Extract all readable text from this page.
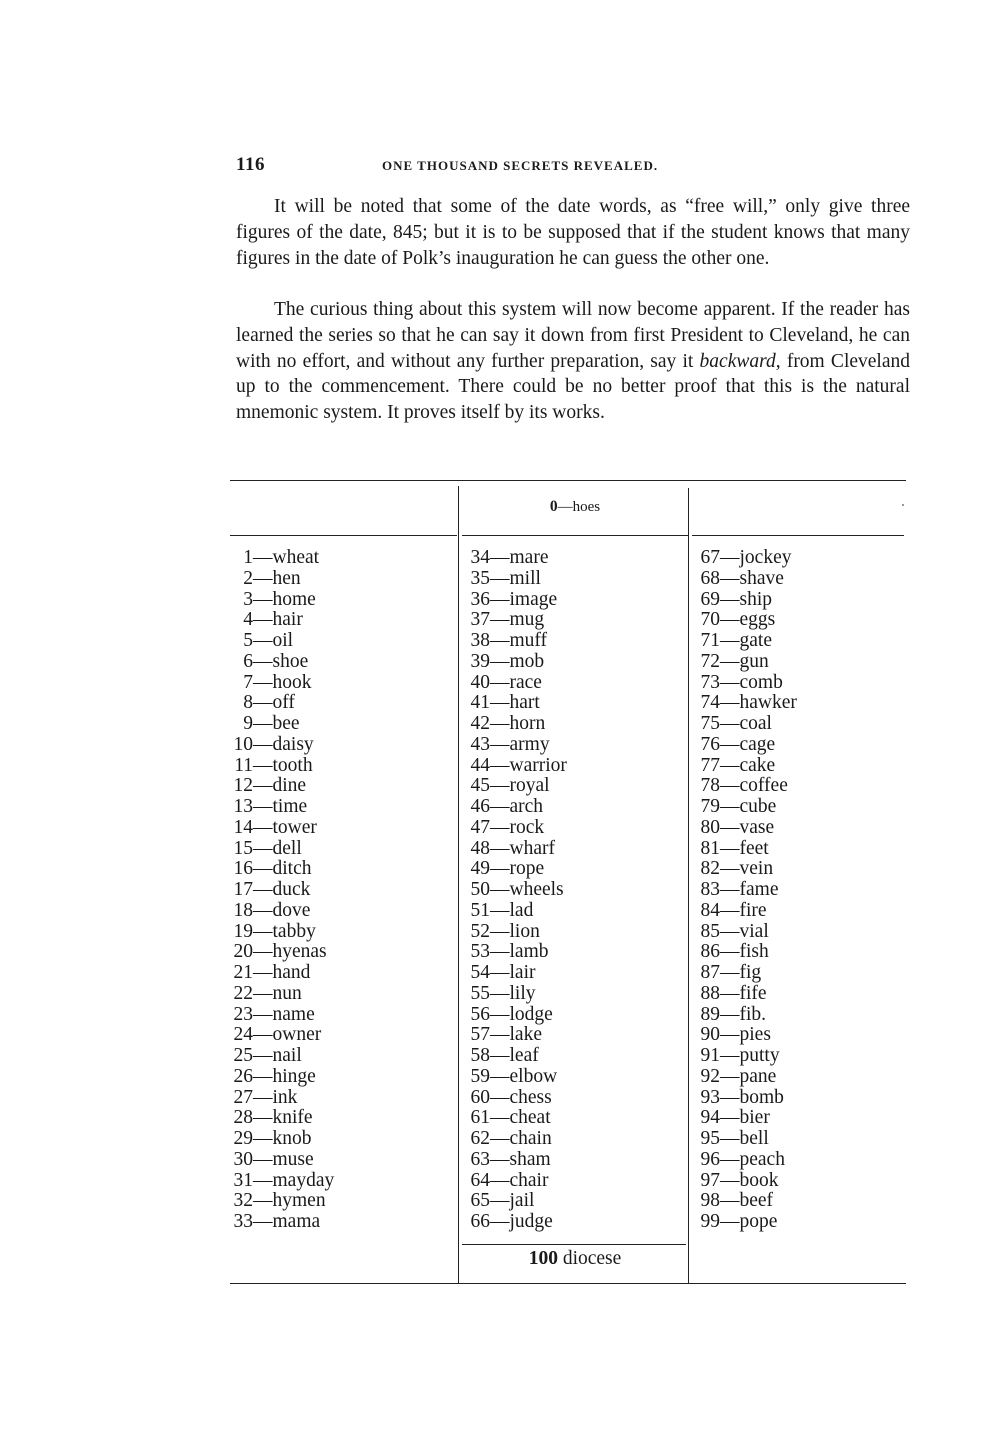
116	ONE THOUSAND SECRETS REVEALED.

It will be noted that some of the date words, as “free will,” only give three figures of the date, 845; but it is to be supposed that if the student knows that many figures in the date of Polk’s inauguration he can guess the other one.

The curious thing about this system will now become apparent. If the reader has learned the series so that he can say it down from first President to Cleveland, he can with no effort, and without any further preparation, say it backward, from Cleveland up to the commencement. There could be no better proof that this is the natural mnemonic system. It proves itself by its works.

0—hoes
1—wheat
2—hen
3—home
4—hair
5—oil
6—shoe
7—hook
8—off
9—bee
10—daisy
11—tooth
12—dine
13—time
14—tower
15—dell
16—ditch
17—duck
18—dove
19—tabby
20—hyenas
21—hand
22—nun
23—name
24—owner
25—nail
26—hinge
27—ink
28—knife
29—knob
30—muse
31—mayday
32—hymen
33—mama
34—mare
35—mill
36—image
37—mug
38—muff
39—mob
40—race
41—hart
42—horn
43—army
44—warrior
45—royal
46—arch
47—rock
48—wharf
49—rope
50—wheels
51—lad
52—lion
53—lamb
54—lair
55—lily
56—lodge
57—lake
58—leaf
59—elbow
60—chess
61—cheat
62—chain
63—sham
64—chair
65—jail
66—judge
67—jockey
68—shave
69—ship
70—eggs
71—gate
72—gun
73—comb
74—hawker
75—coal
76—cage
77—cake
78—coffee
79—cube
80—vase
81—feet
82—vein
83—fame
84—fire
85—vial
86—fish
87—fig
88—fife
89—fib.
90—pies
91—putty
92—pane
93—bomb
94—bier
95—bell
96—peach
97—book
98—beef
99—pope
100 diocese
